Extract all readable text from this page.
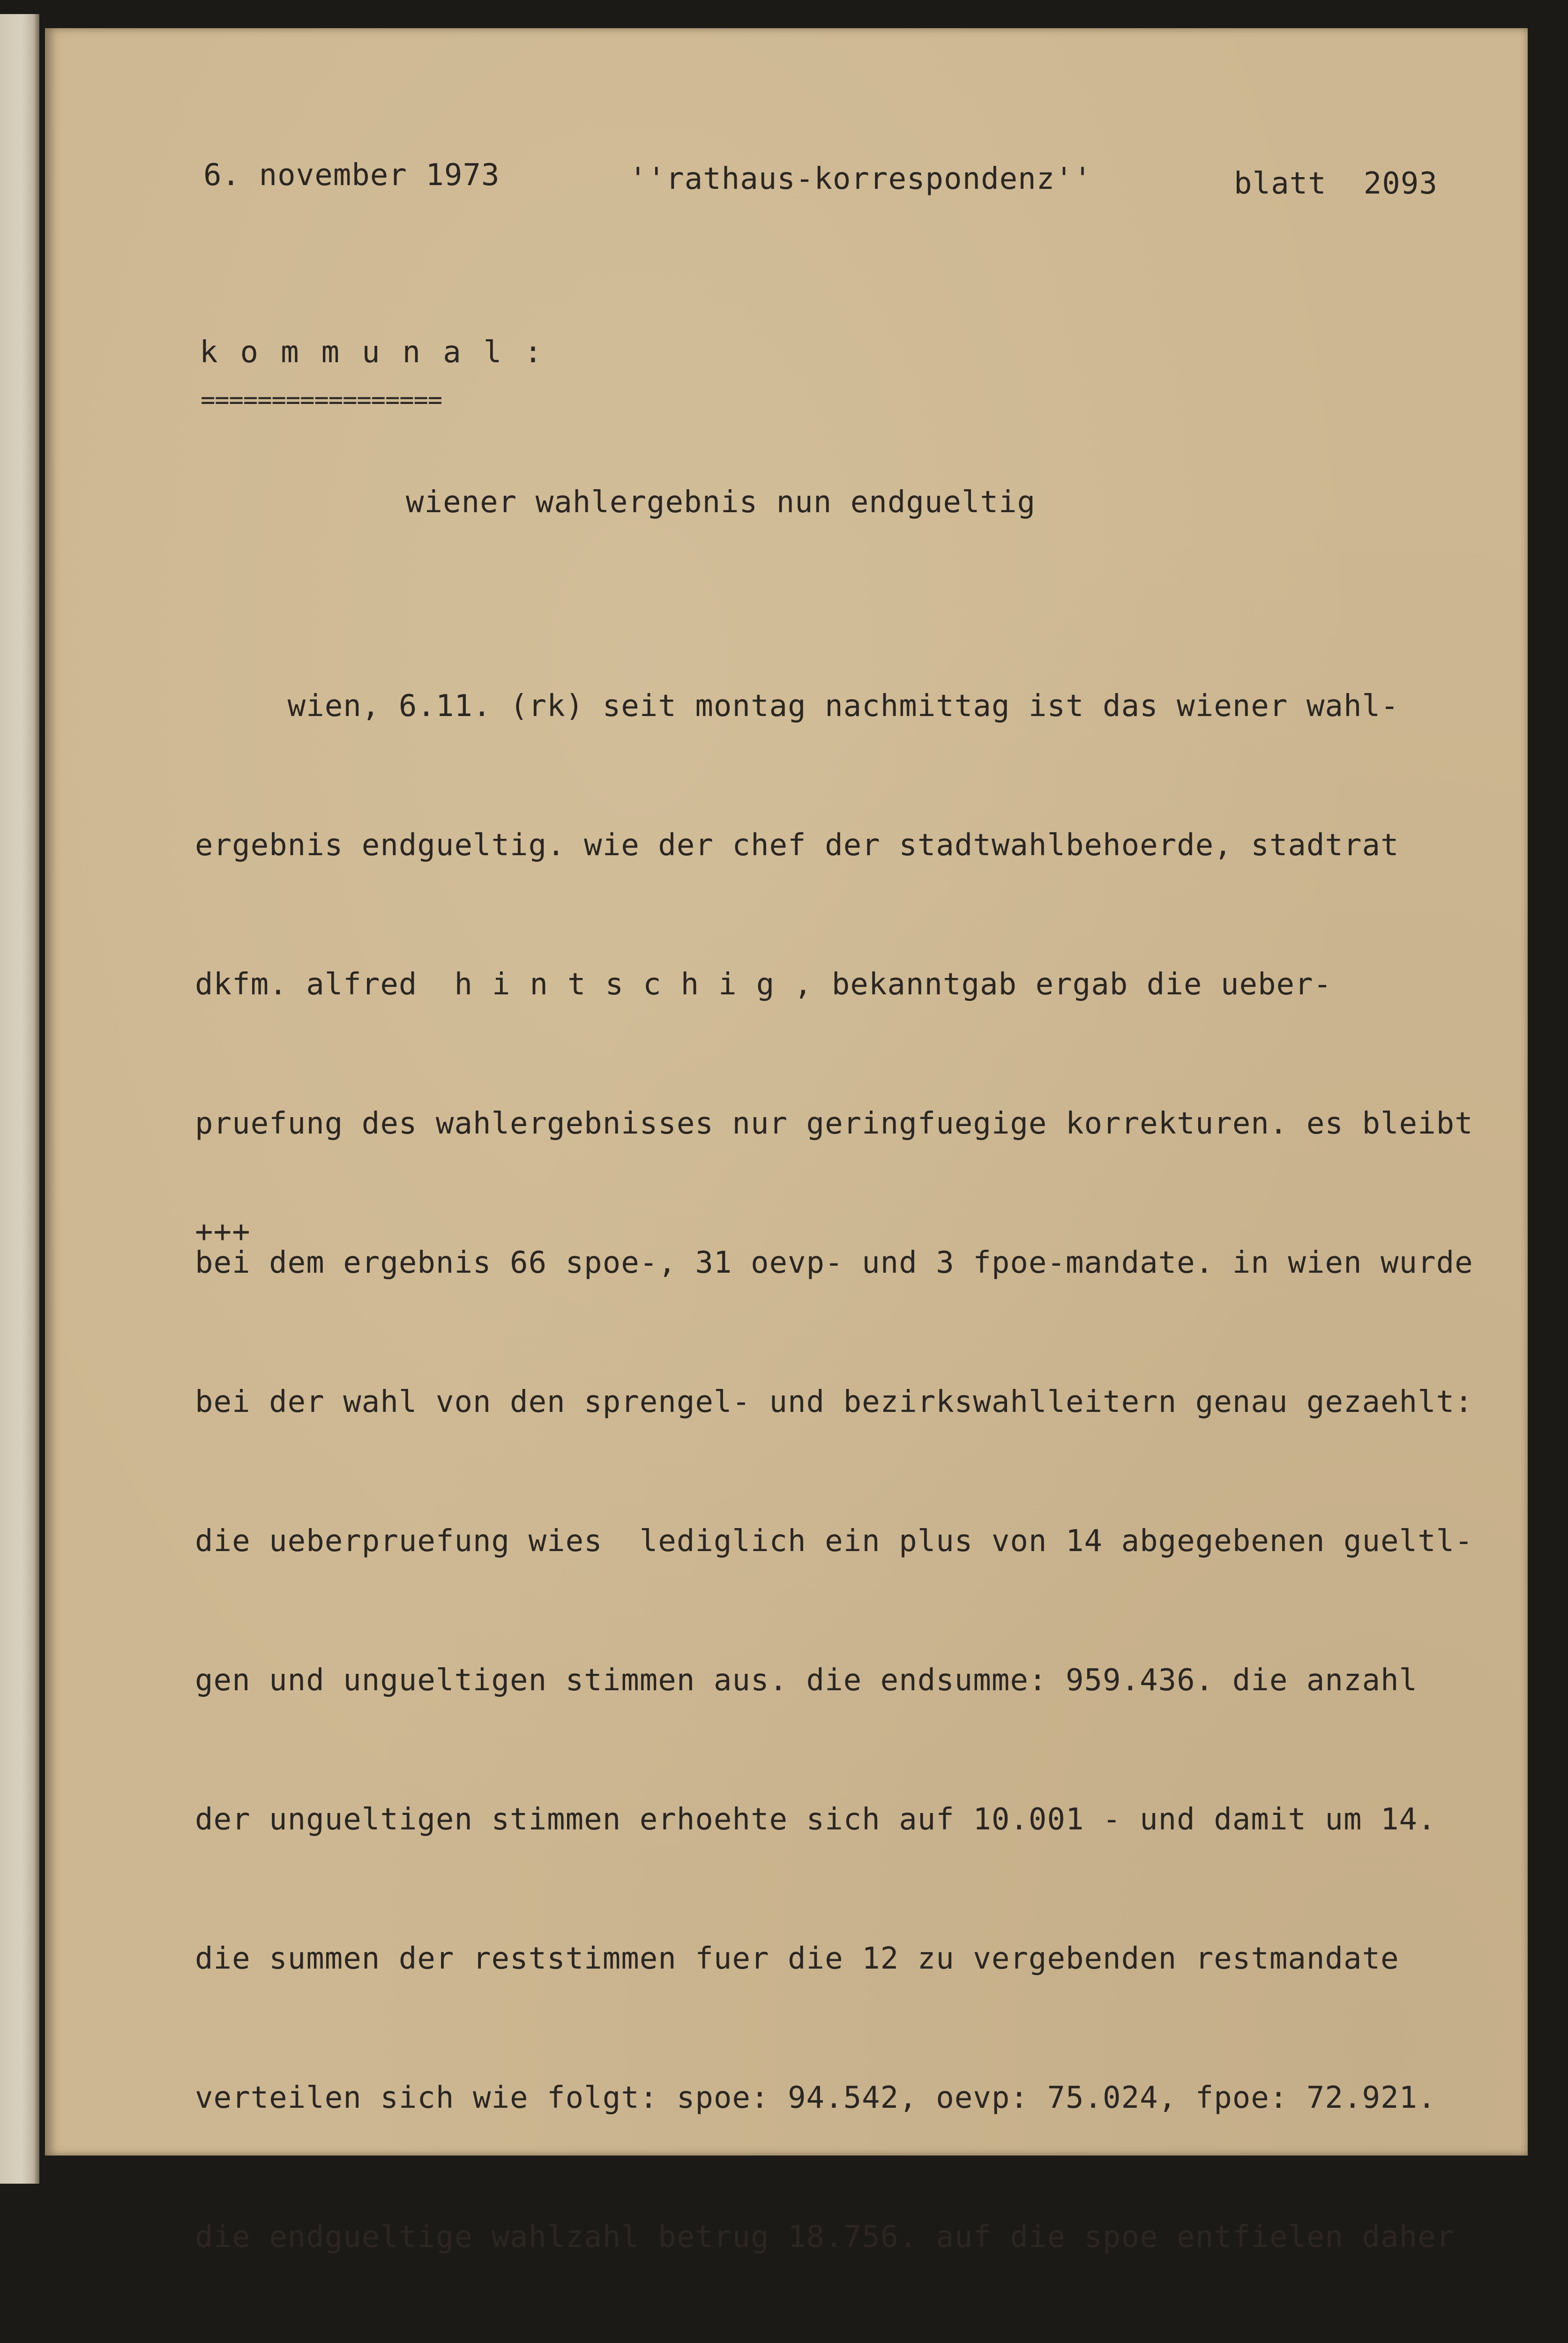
6. november 1973	''rathaus-korrespondenz''	blatt 2093
kommunal:
=================
wiener wahlergebnis nun endgueltig

wien, 6.11. (rk) seit montag nachmittag ist das wiener wahl-

ergebnis endgueltig. wie der chef der stadtwahlbehoerde, stadtrat

dkfm. alfred  hintschig,bekanntgab ergab die ueber-

pruefung des wahlergebnisses nur geringfuegige korrekturen. es bleibt

bei dem ergebnis 66 spoe-, 31 oevp- und 3 fpoe-mandate. in wien wurde

bei der wahl von den sprengel- und bezirkswahlleitern genau gezaehlt:

die ueberpruefung wies  lediglich ein plus von 14 abgegebenen gueltl-

gen und ungueltigen stimmen aus. die endsumme: 959.436. die anzahl

der ungueltigen stimmen erhoehte sich auf 10.001 - und damit um 14.

die summen der reststimmen fuer die 12 zu vergebenden restmandate

verteilen sich wie folgt: spoe: 94.542, oevp: 75.024, fpoe: 72.921.

die endgueltige wahlzahl betrug 18.756. auf die spoe entfielen daher

+++
